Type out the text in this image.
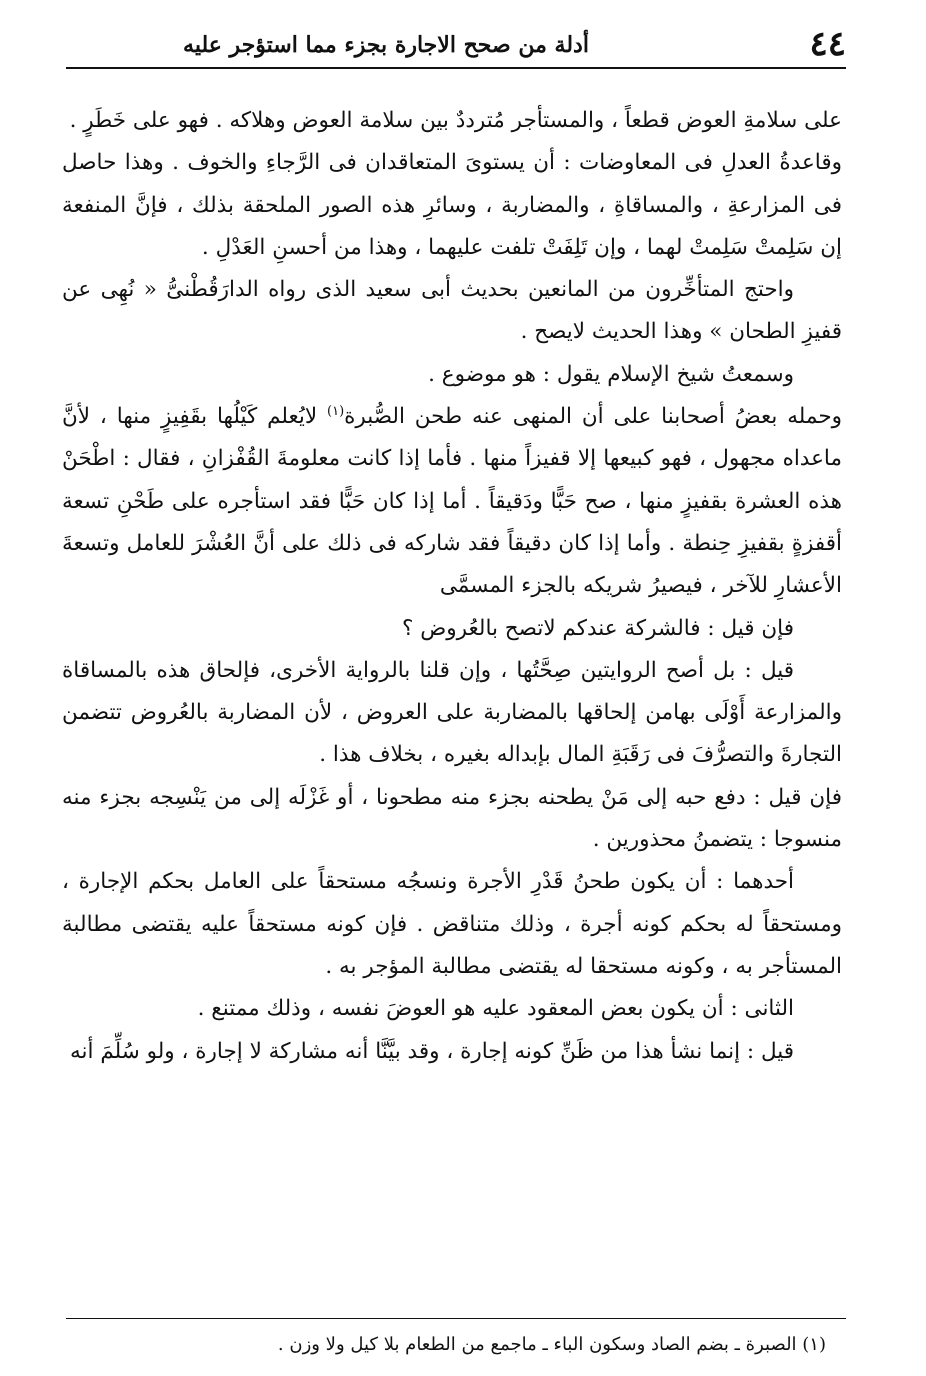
٤٤
أدلة من صحح الاجارة بجزء مما استؤجر عليه

على سلامةِ العوض قطعاً ، والمستأجر مُترددٌ بين سلامة العوض وهلاكه . فهو على خَطَرٍ .

وقاعدةُ العدلِ فى المعاوضات : أن يستوىَ المتعاقدان فى الرَّجاءِ والخوف . وهذا حاصل فى المزارعةِ ، والمساقاةِ ، والمضاربة ، وسائرِ هذه الصور الملحقة بذلك ، فإنَّ المنفعة إن سَلِمتْ سَلِمتْ لهما ، وإن تَلِفَتْ تلفت عليهما ، وهذا من أحسنِ العَدْلِ .

واحتج المتأخِّرون من المانعين بحديث أبى سعيد الذى رواه الدارَقُطْنىُّ « نُهِى عن قفيزِ الطحان » وهذا الحديث لايصح .

وسمعتُ شيخ الإسلام يقول : هو موضوع .

وحمله بعضُ أصحابنا على أن المنهى عنه طحن الصُّبرة$^{(١)}$ لايُعلم كَيْلُها بقَفِيزٍ منها ، لأنَّ ماعداه مجهول ، فهو كبيعها إلا قفيزاً منها . فأما إذا كانت معلومةَ القُفْزانِ ، فقال : اطْحَنْ هذه العشرة بقفيزٍ منها ، صح حَبًّا ودَقيقاً . أما إذا كان حَبًّا فقد استأجره على طَحْنِ تسعة أقفزةٍ بقفيزِ حِنطة . وأما إذا كان دقيقاً فقد شاركه فى ذلك على أنَّ العُشْرَ للعامل وتسعةَ الأعشارِ للآخر ، فيصيرُ شريكه بالجزء المسمَّى

فإن قيل : فالشركة عندكم لاتصح بالعُروض ؟

قيل : بل أصح الروايتين صِحَّتُها ، وإن قلنا بالرواية الأخرى، فإلحاق هذه بالمساقاة والمزارعة أَوْلَى بهامن إلحاقها بالمضاربة على العروض ، لأن المضاربة بالعُروض تتضمن التجارةَ والتصرُّفَ فى رَقَبَةِ المال بإبداله بغيره ، بخلاف هذا .

فإن قيل : دفع حبه إلى مَنْ يطحنه بجزء منه مطحونا ، أو غَزْلَه إلى من يَنْسِجه بجزء منه منسوجا : يتضمنُ محذورين .

أحدهما : أن يكون طحنُ قَدْرِ الأجرة ونسجُه مستحقاً على العامل بحكم الإجارة ، ومستحقاً له بحكم كونه أجرة ، وذلك متناقض . فإن كونه مستحقاً عليه يقتضى مطالبة المستأجر به ، وكونه مستحقا له يقتضى مطالبة المؤجر به .

الثانى : أن يكون بعض المعقود عليه هو العوضَ نفسه ، وذلك ممتنع .

قيل : إنما نشأ هذا من ظَنِّ كونه إجارة ، وقد بيَّنَّا أنه مشاركة لا إجارة ، ولو سُلِّمَ أنه

(١) الصبرة ـ بضم الصاد وسكون الباء ـ ماجمع من الطعام بلا كيل ولا وزن .
